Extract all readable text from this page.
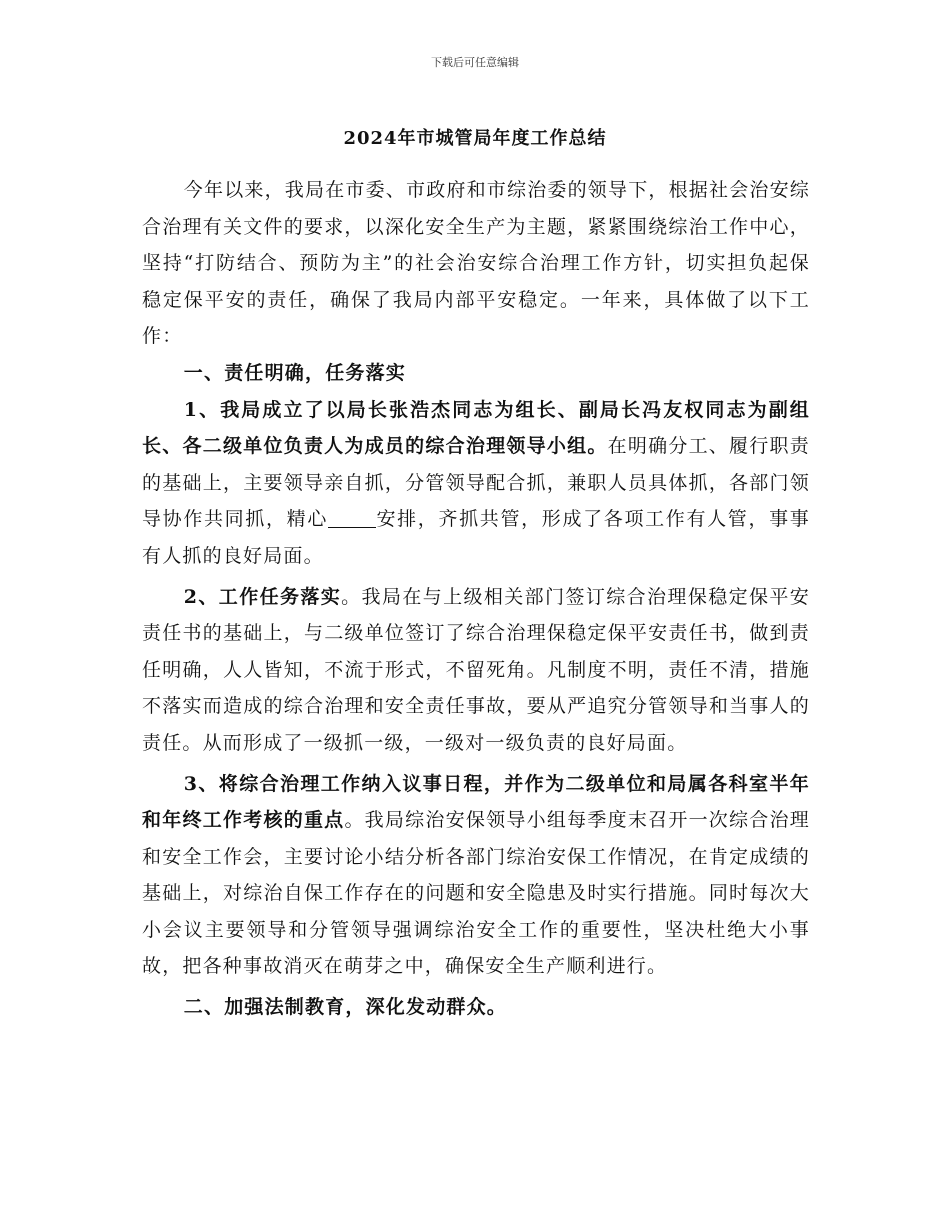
下载后可任意编辑
2024年市城管局年度工作总结

今年以来，我局在市委、市政府和市综治委的领导下，根据社会治安综合治理有关文件的要求，以深化安全生产为主题，紧紧围绕综治工作中心，坚持“打防结合、预防为主”的社会治安综合治理工作方针，切实担负起保稳定保平安的责任，确保了我局内部平安稳定。一年来，具体做了以下工作：

一、责任明确，任务落实

1、我局成立了以局长张浩杰同志为组长、副局长冯友权同志为副组长、各二级单位负责人为成员的综合治理领导小组。在明确分工、履行职责的基础上，主要领导亲自抓，分管领导配合抓，兼职人员具体抓，各部门领导协作共同抓，精心	安排，齐抓共管，形成了各项工作有人管，事事有人抓的良好局面。

2、工作任务落实。我局在与上级相关部门签订综合治理保稳定保平安责任书的基础上，与二级单位签订了综合治理保稳定保平安责任书，做到责任明确，人人皆知，不流于形式，不留死角。凡制度不明，责任不清，措施不落实而造成的综合治理和安全责任事故，要从严追究分管领导和当事人的责任。从而形成了一级抓一级，一级对一级负责的良好局面。

3、将综合治理工作纳入议事日程，并作为二级单位和局属各科室半年和年终工作考核的重点。我局综治安保领导小组每季度末召开一次综合治理和安全工作会，主要讨论小结分析各部门综治安保工作情况，在肯定成绩的基础上，对综治自保工作存在的问题和安全隐患及时实行措施。同时每次大小会议主要领导和分管领导强调综治安全工作的重要性，坚决杜绝大小事故，把各种事故消灭在萌芽之中，确保安全生产顺利进行。

二、加强法制教育，深化发动群众。
